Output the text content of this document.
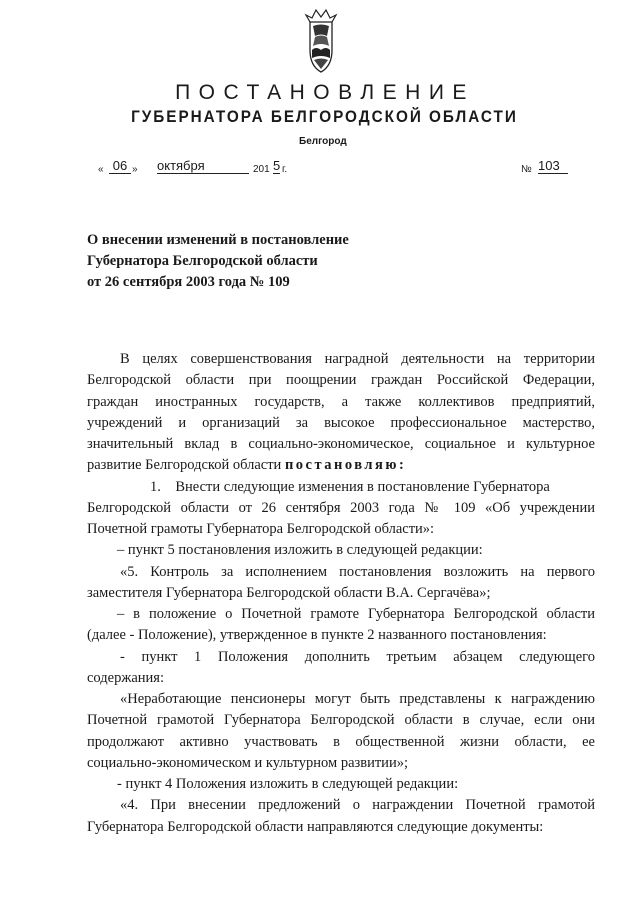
ПОСТАНОВЛЕНИЕ
ГУБЕРНАТОРА БЕЛГОРОДСКОЙ ОБЛАСТИ
Белгород
« 06 » октября	201 5 г.	№ 103
О внесении изменений в постановление
Губернатора Белгородской области
от 26 сентября 2003 года № 109
В целях совершенствования наградной деятельности на территории
Белгородской области при поощрении граждан Российской Федерации,
граждан иностранных государств, а также коллективов предприятий,
учреждений и организаций за высокое профессиональное мастерство,
значительный вклад в социально-экономическое, социальное и культурное
развитие Белгородской области постановляю:
1. Внести следующие изменения в постановление Губернатора
Белгородской области от 26 сентября 2003 года № 109 «Об учреждении
Почетной грамоты Губернатора Белгородской области»:
– пункт 5 постановления изложить в следующей редакции:
«5. Контроль за исполнением постановления возложить на первого
заместителя Губернатора Белгородской области В.А. Сергачёва»;
– в положение о Почетной грамоте Губернатора Белгородской области
(далее - Положение), утвержденное в пункте 2 названного постановления:
- пункт 1 Положения дополнить третьим абзацем следующего
содержания:
«Неработающие пенсионеры могут быть представлены к награждению
Почетной грамотой Губернатора Белгородской области в случае, если они
продолжают активно участвовать в общественной жизни области, ее
социально-экономическом и культурном развитии»;
- пункт 4 Положения изложить в следующей редакции:
«4. При внесении предложений о награждении Почетной грамотой
Губернатора Белгородской области направляются следующие документы:
